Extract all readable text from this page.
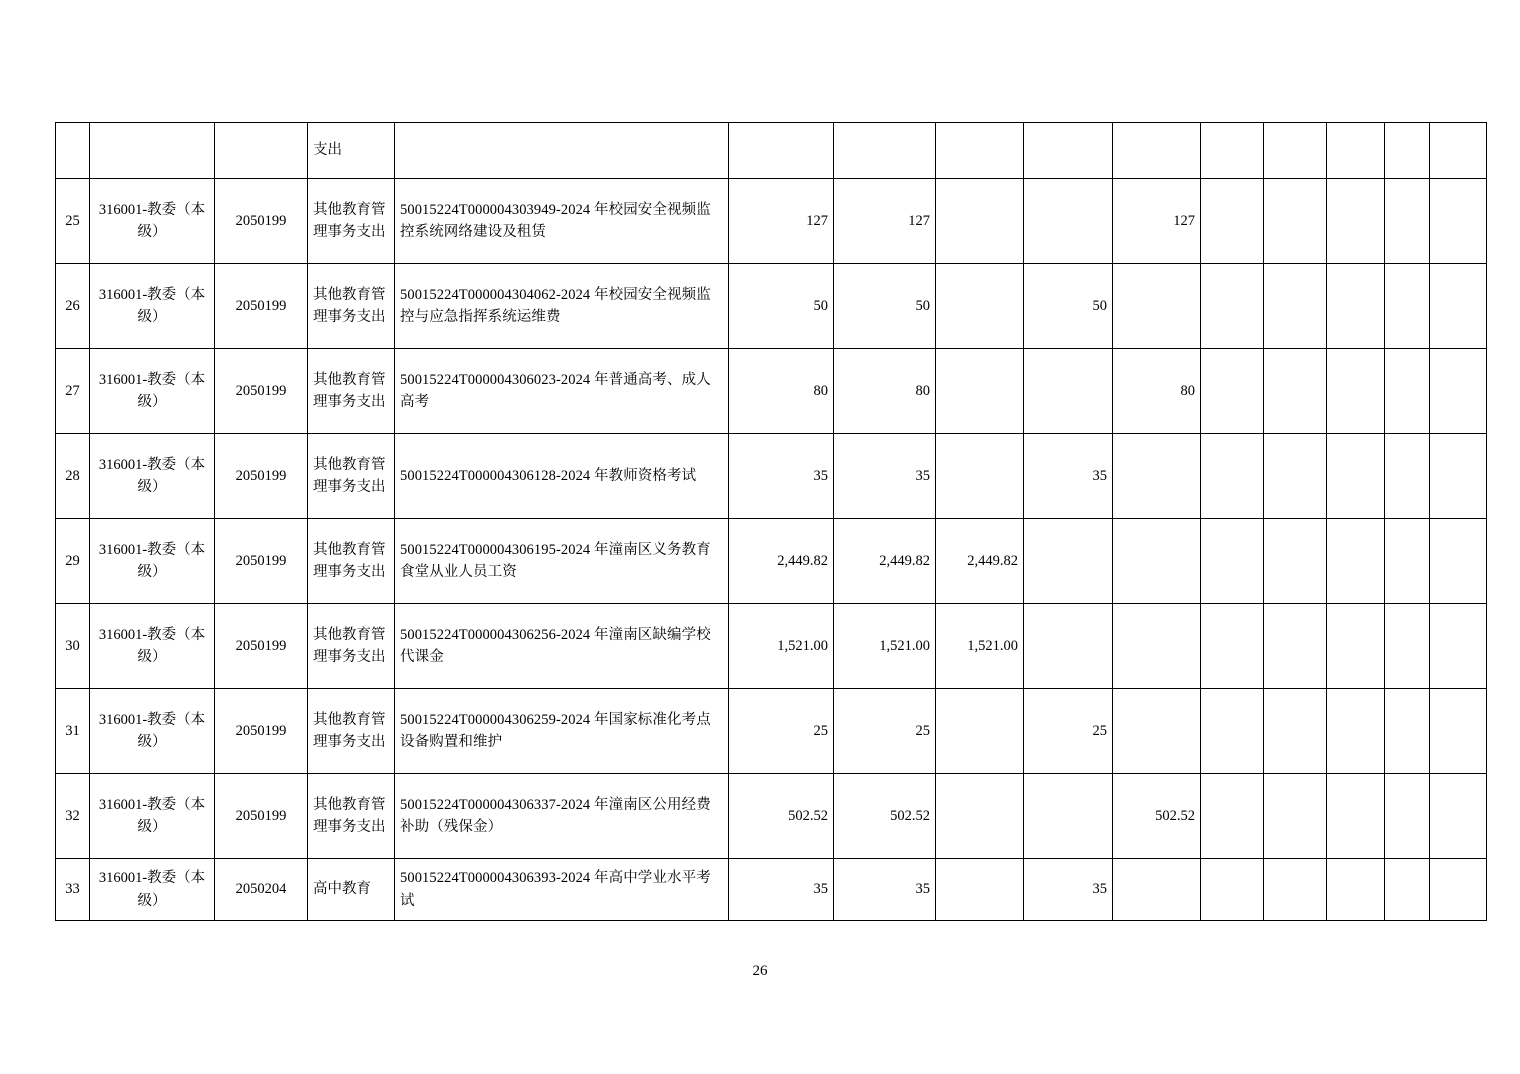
			支出											
25	316001-教委（本级）	2050199	其他教育管理事务支出	50015224T000004303949-2024 年校园安全视频监控系统网络建设及租赁	127	127			127					
26	316001-教委（本级）	2050199	其他教育管理事务支出	50015224T000004304062-2024 年校园安全视频监控与应急指挥系统运维费	50	50		50						
27	316001-教委（本级）	2050199	其他教育管理事务支出	50015224T000004306023-2024 年普通高考、成人高考	80	80			80					
28	316001-教委（本级）	2050199	其他教育管理事务支出	50015224T000004306128-2024 年教师资格考试	35	35		35						
29	316001-教委（本级）	2050199	其他教育管理事务支出	50015224T000004306195-2024 年潼南区义务教育食堂从业人员工资	2,449.82	2,449.82	2,449.82							
30	316001-教委（本级）	2050199	其他教育管理事务支出	50015224T000004306256-2024 年潼南区缺编学校代课金	1,521.00	1,521.00	1,521.00							
31	316001-教委（本级）	2050199	其他教育管理事务支出	50015224T000004306259-2024 年国家标准化考点设备购置和维护	25	25		25						
32	316001-教委（本级）	2050199	其他教育管理事务支出	50015224T000004306337-2024 年潼南区公用经费补助（残保金）	502.52	502.52			502.52					
33	316001-教委（本级）	2050204	高中教育	50015224T000004306393-2024 年高中学业水平考试	35	35		35						
26
